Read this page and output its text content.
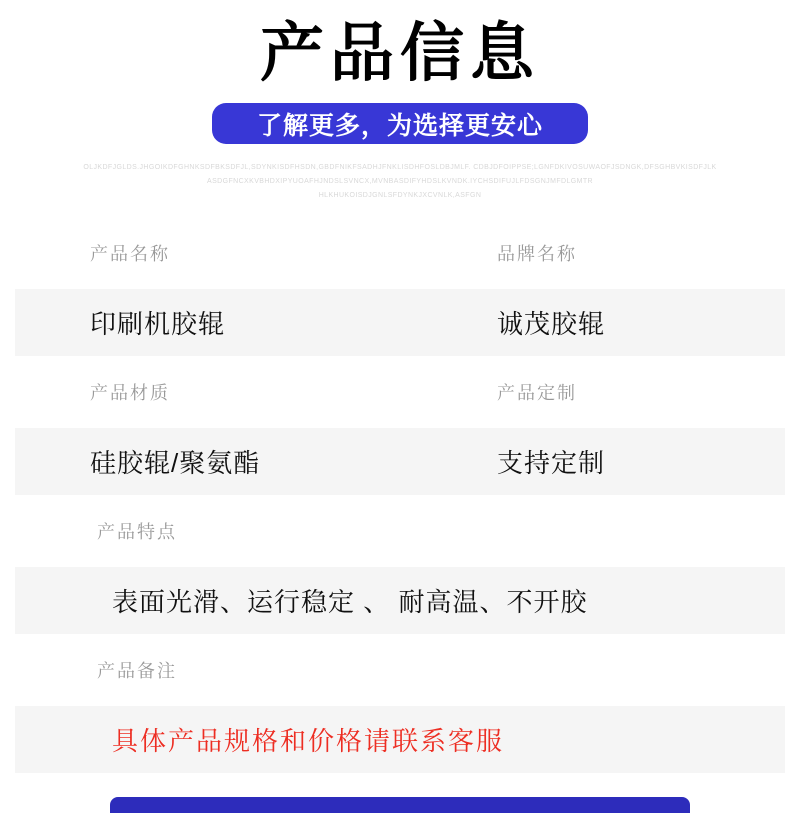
产品信息
了解更多，为选择更安心
OLJKDFJGLDS.JHGOIKDFGHNKSDFBKSDFJL,SDYNKISDFHSDN,GBDFNIKFSADHJFNKLISDHFOSLDBJMLF. CDBJDFOIPPSE;LGNFDKIVOSUWAOFJSDNGK,DFSGHBVKISDFJLK
ASDGFNCXKVBHDXIPYUOAFHJNDSLSVNCX,MVNBASDIFYHDSLKVNDK.IYCHSDIFUJLFDSGNJMFDLGMTR
HLKHUKOISDJGNLSFDYNKJXCVNLK,ASFGN
产品名称	品牌名称
印刷机胶辊	诚茂胶辊
产品材质	产品定制
硅胶辊/聚氨酯	支持定制
产品特点
表面光滑、运行稳定 、 耐高温、不开胶
产品备注
具体产品规格和价格请联系客服
